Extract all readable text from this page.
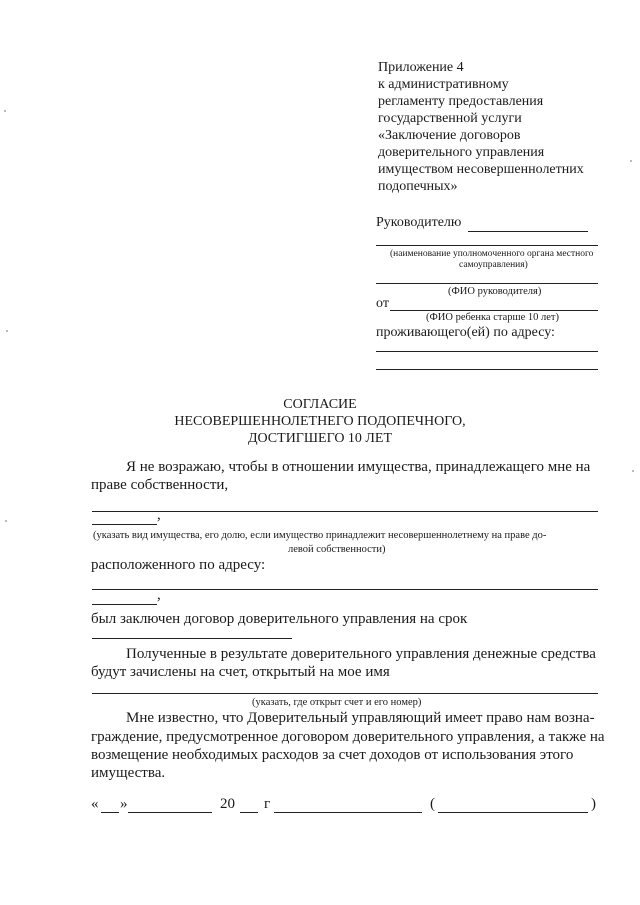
Приложение 4
к административному
регламенту предоставления
государственной услуги
«Заключение договоров
доверительного управления
имуществом несовершеннолетних
подопечных»
Руководителю
(наименование уполномоченного органа местного
самоуправления)
(ФИО руководителя)
от
(ФИО ребенка старше 10 лет)
проживающего(ей) по адресу:
СОГЛАСИЕ
НЕСОВЕРШЕННОЛЕТНЕГО ПОДОПЕЧНОГО,
ДОСТИГШЕГО 10 ЛЕТ
Я не возражаю, чтобы в отношении имущества, принадлежащего мне на
праве собственности,
,
(указать вид имущества, его долю, если имущество принадлежит несовершеннолетнему на праве до-
левой собственности)
расположенного по адресу:
,
был заключен договор доверительного управления на срок
Полученные в результате доверительного управления денежные средства
будут зачислены на счет, открытый на мое имя
(указать, где открыт счет и его номер)
Мне известно, что Доверительный управляющий имеет право нам возна-
граждение, предусмотренное договором доверительного управления, а также на
возмещение необходимых расходов за счет доходов от использования этого
имущества.
« »	20 г	(	)
